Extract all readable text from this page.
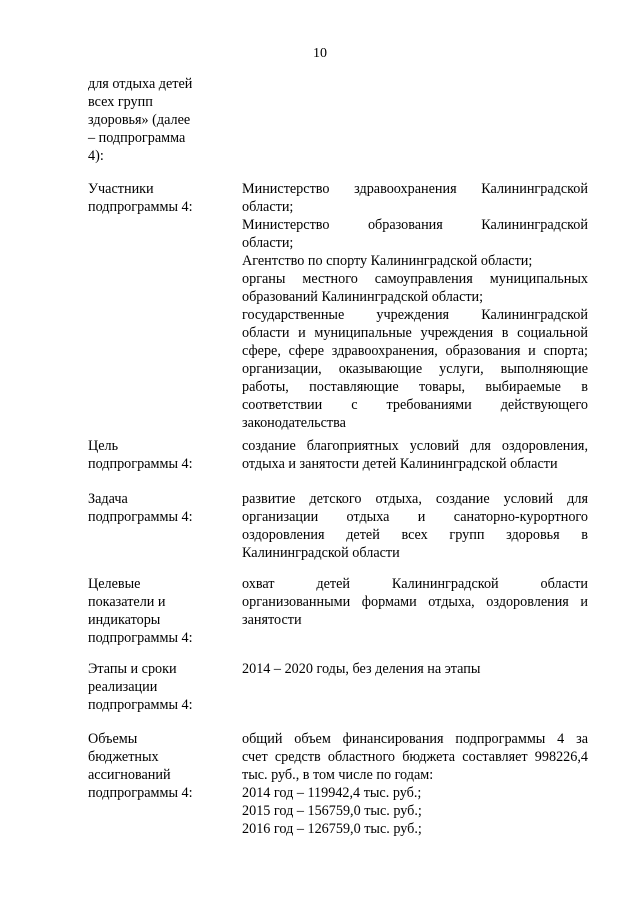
10
для отдыха детей
всех групп
здоровья» (далее
– подпрограмма
4):
Участники
подпрограммы 4:
Министерство здравоохранения Калининградской
области;
Министерство образования Калининградской
области;
Агентство по спорту Калининградской области;
органы местного самоуправления муниципальных
образований Калининградской области;
государственные учреждения Калининградской
области и муниципальные учреждения в социальной
сфере, сфере здравоохранения, образования и спорта;
организации, оказывающие услуги, выполняющие
работы, поставляющие товары, выбираемые в
соответствии с требованиями действующего
законодательства
Цель
подпрограммы 4:
создание благоприятных условий для оздоровления,
отдыха и занятости детей Калининградской области
Задача
подпрограммы 4:
развитие детского отдыха, создание условий для
организации отдыха и санаторно-курортного
оздоровления детей всех групп здоровья в
Калининградской области
Целевые
показатели и
индикаторы
подпрограммы 4:
охват детей Калининградской области
организованными формами отдыха, оздоровления и
занятости
Этапы и сроки
реализации
подпрограммы 4:
2014 – 2020 годы, без деления на этапы
Объемы
бюджетных
ассигнований
подпрограммы 4:
общий объем финансирования подпрограммы 4 за
счет средств областного бюджета составляет 998226,4
тыс. руб., в том числе по годам:
2014 год – 119942,4 тыс. руб.;
2015 год – 156759,0 тыс. руб.;
2016 год – 126759,0 тыс. руб.;
